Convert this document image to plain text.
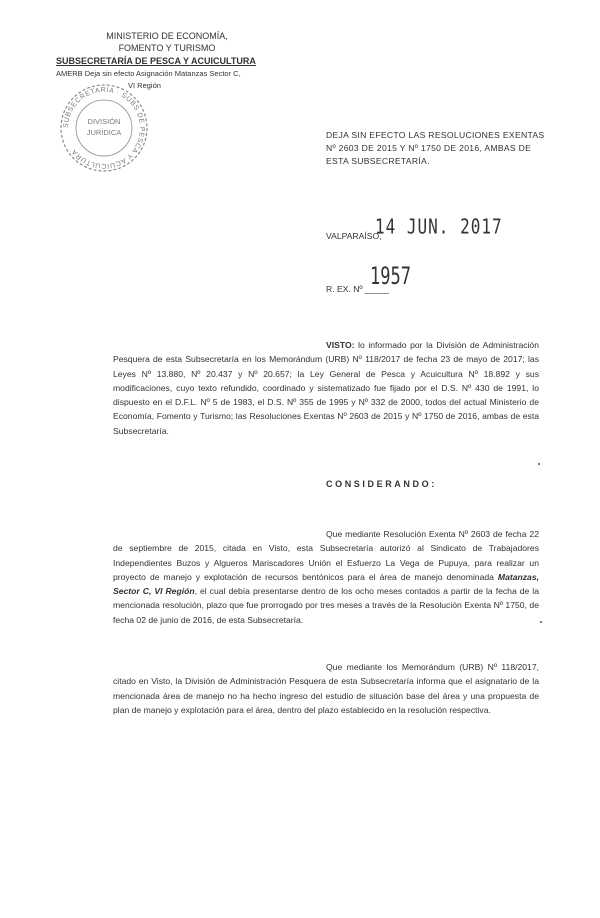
MINISTERIO DE ECONOMÍA,
FOMENTO Y TURISMO
SUBSECRETARÍA DE PESCA Y ACUICULTURA
AMERB Deja sin efecto Asignación Matanzas Sector C,
VI Región
SUBSECRETARIA · SUBS DE PESCA Y ACUICULTURA
DIVISIÓN
JURÍDICA	DEJA SIN EFECTO LAS RESOLUCIONES EXENTAS Nº 2603 DE 2015 Y Nº 1750 DE 2016, AMBAS DE ESTA SUBSECRETARÍA.
VALPARAÍSO,
14 JUN. 2017
1957
R. EX. Nº _____
VISTO: lo informado por la División de Administración Pesquera de esta Subsecretaría en los Memorándum (URB) Nº 118/2017 de fecha 23 de mayo de 2017; las Leyes Nº 13.880, Nº 20.437 y Nº 20.657; la Ley General de Pesca y Acuicultura Nº 18.892 y sus modificaciones, cuyo texto refundido, coordinado y sistematizado fue fijado por el D.S. Nº 430 de 1991, lo dispuesto en el D.F.L. Nº 5 de 1983, el D.S. Nº 355 de 1995 y Nº 332 de 2000, todos del actual Ministerio de Economía, Fomento y Turismo; las Resoluciones Exentas Nº 2603 de 2015 y Nº 1750 de 2016, ambas de esta Subsecretaría.
CONSIDERANDO:
Que mediante Resolución Exenta Nº 2603 de fecha 22 de septiembre de 2015, citada en Visto, esta Subsecretaría autorizó al Sindicato de Trabajadores Independientes Buzos y Algueros Mariscadores Unión el Esfuerzo La Vega de Pupuya, para realizar un proyecto de manejo y explotación de recursos bentónicos para el área de manejo denominada Matanzas, Sector C, VI Región, el cual debía presentarse dentro de los ocho meses contados a partir de la fecha de la mencionada resolución, plazo que fue prorrogado por tres meses a través de la Resolución Exenta Nº 1750, de fecha 02 de junio de 2016, de esta Subsecretaría.
Que mediante los Memorándum (URB) Nº 118/2017, citado en Visto, la División de Administración Pesquera de esta Subsecretaría informa que el asignatario de la mencionada área de manejo no ha hecho ingreso del estudio de situación base del área y una propuesta de plan de manejo y explotación para el área, dentro del plazo establecido en la resolución respectiva.
